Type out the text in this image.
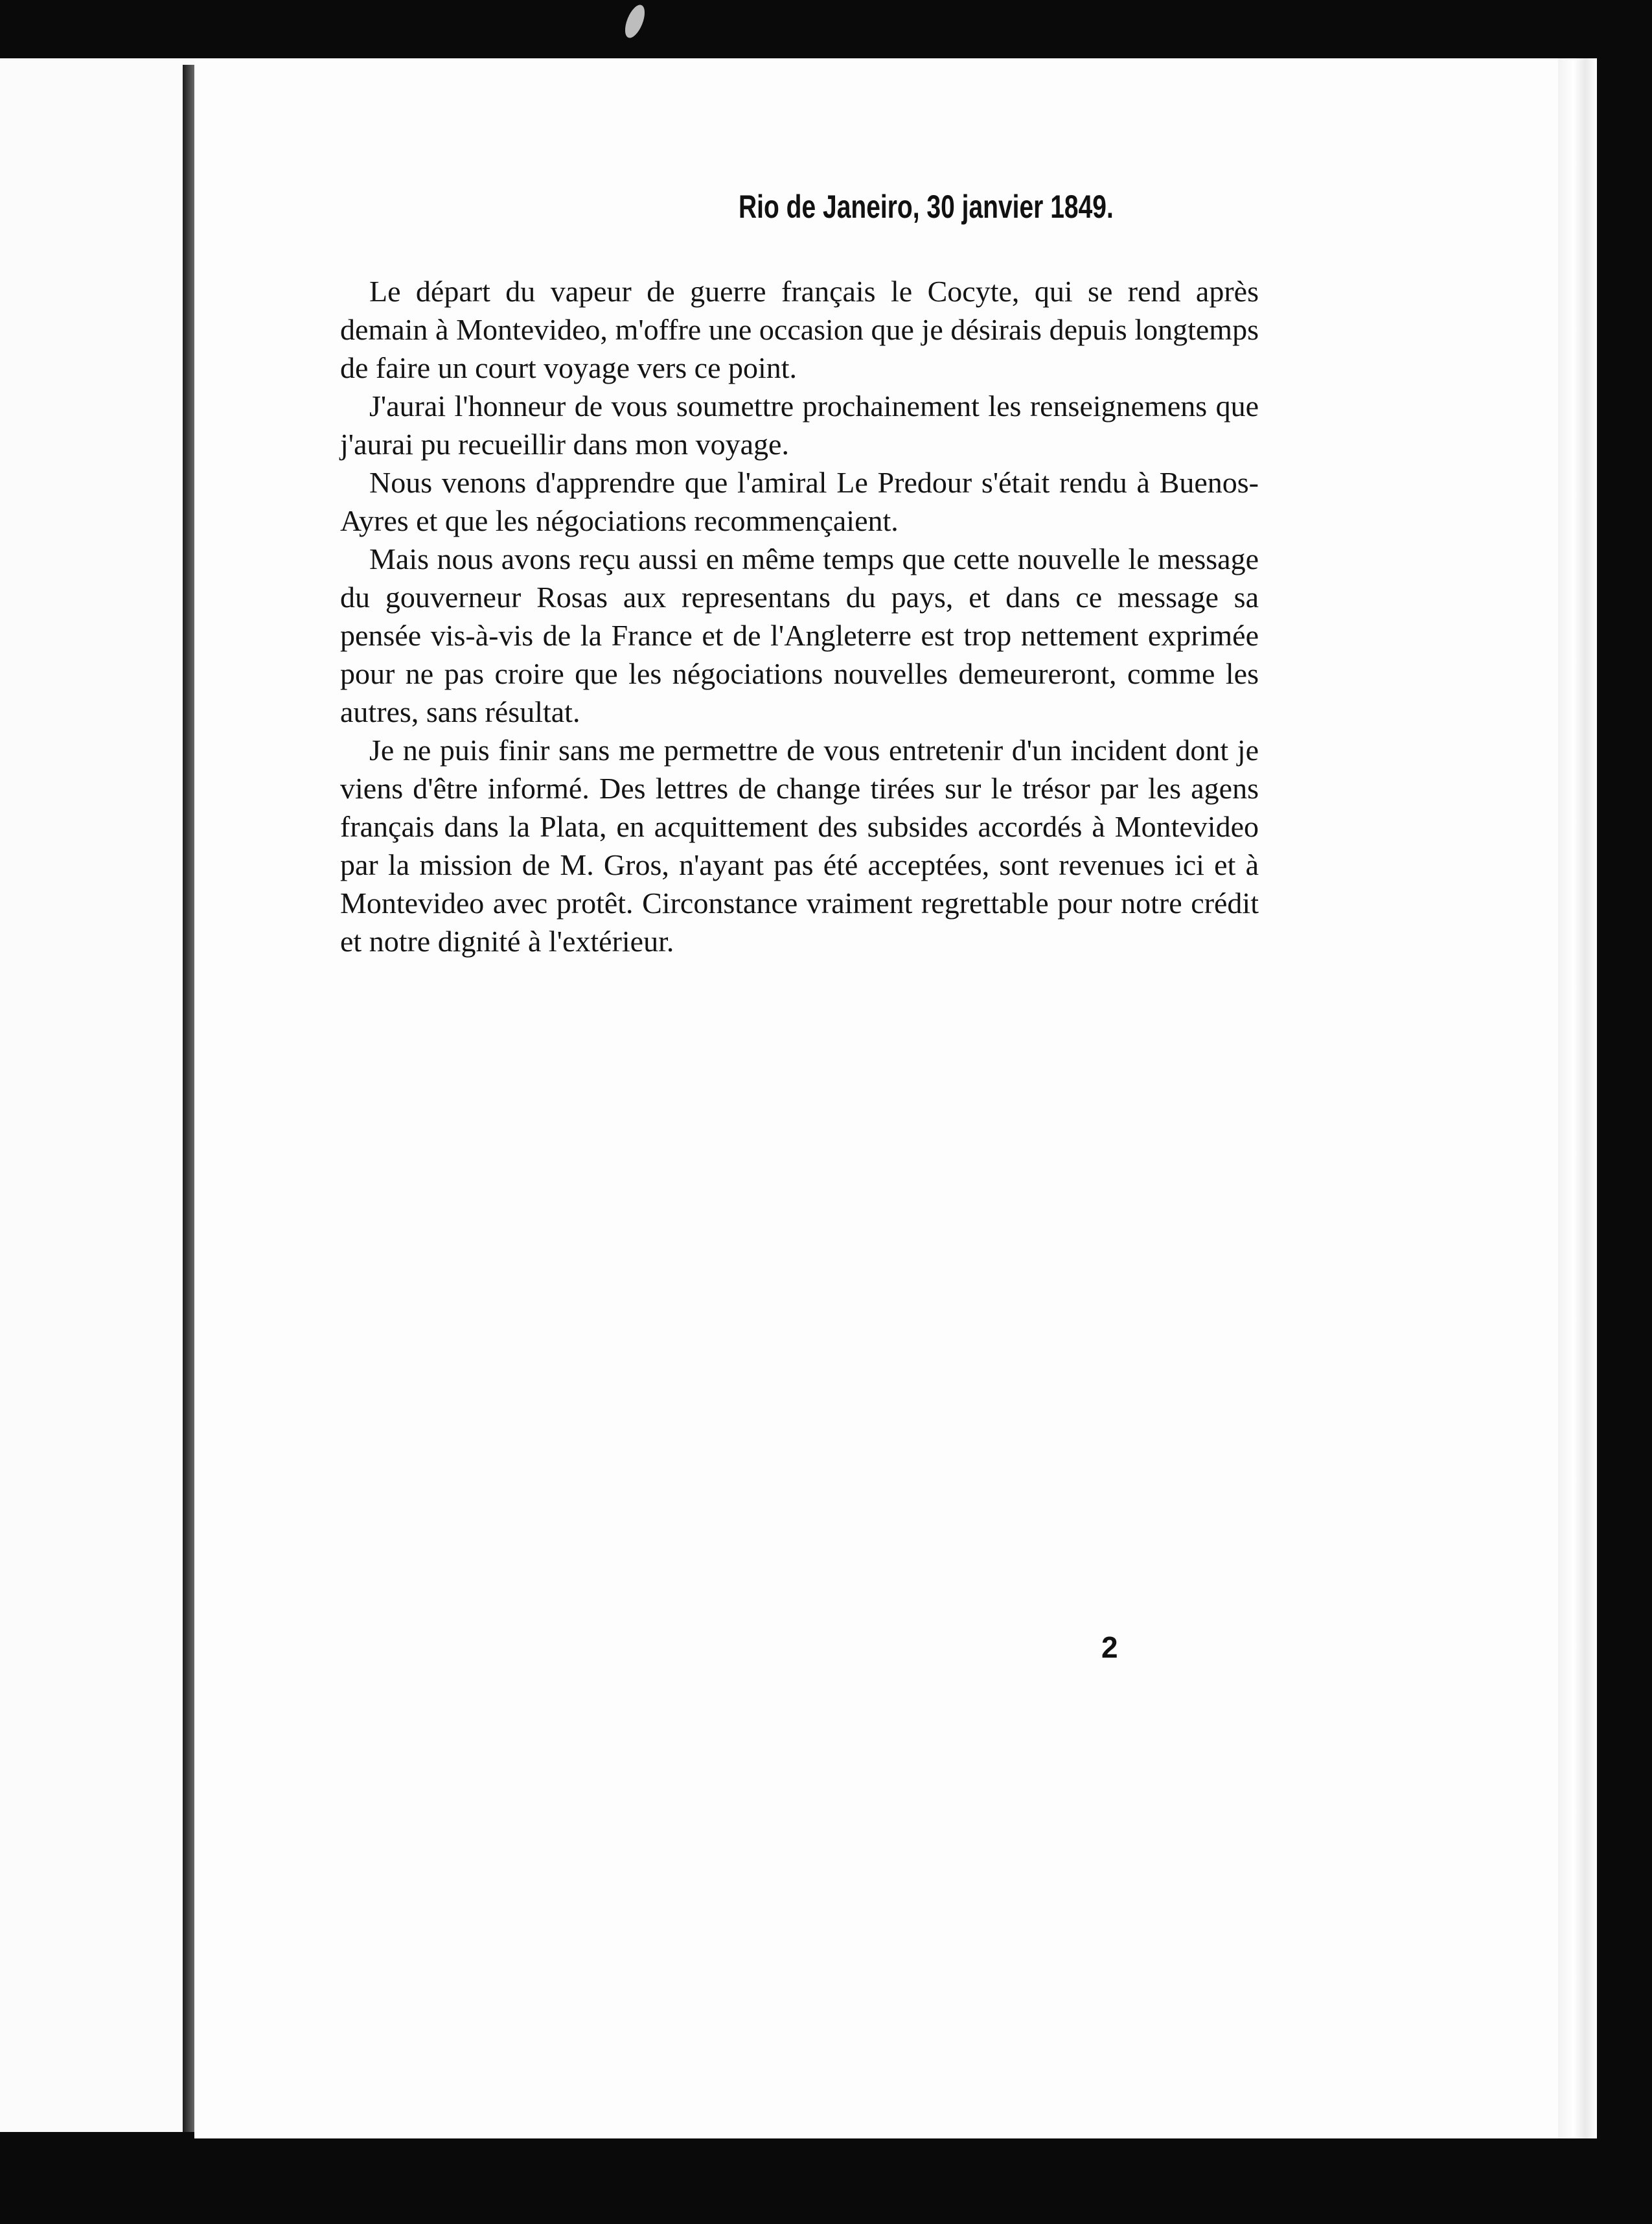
Rio de Janeiro, 30 janvier 1849.

Le départ du vapeur de guerre français le Cocyte, qui se rend après demain à Montevideo, m'offre une occasion que je désirais depuis longtemps de faire un court voyage vers ce point.

J'aurai l'honneur de vous soumettre prochainement les renseignemens que j'aurai pu recueillir dans mon voyage.

Nous venons d'apprendre que l'amiral Le Predour s'était rendu à Buenos-Ayres et que les négociations recommençaient.

Mais nous avons reçu aussi en même temps que cette nouvelle le message du gouverneur Rosas aux representans du pays, et dans ce message sa pensée vis-à-vis de la France et de l'Angleterre est trop nettement exprimée pour ne pas croire que les négociations nouvelles demeureront, comme les autres, sans résultat.

Je ne puis finir sans me permettre de vous entretenir d'un incident dont je viens d'être informé. Des lettres de change tirées sur le trésor par les agens français dans la Plata, en acquittement des subsides accordés à Montevideo par la mission de M. Gros, n'ayant pas été acceptées, sont revenues ici et à Montevideo avec protêt. Circonstance vraiment regrettable pour notre crédit et notre dignité à l'extérieur.

2
